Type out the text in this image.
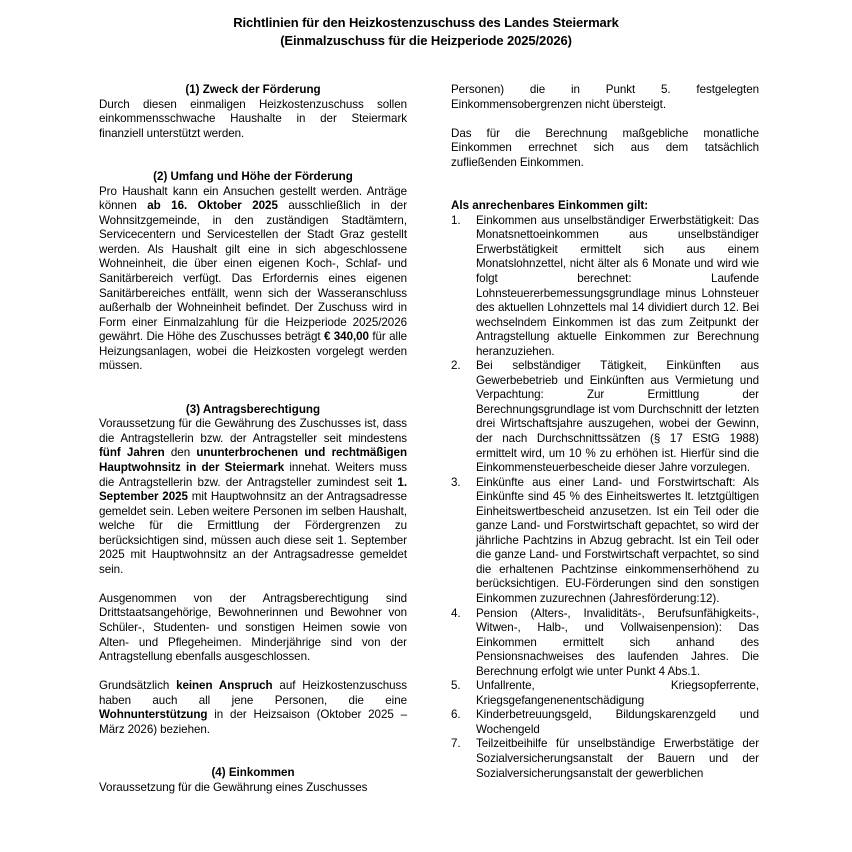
Richtlinien für den Heizkostenzuschuss des Landes Steiermark
(Einmalzuschuss für die Heizperiode 2025/2026)

(1) Zweck der Förderung

Durch diesen einmaligen Heizkostenzuschuss sollen einkommensschwache Haushalte in der Steiermark finanziell unterstützt werden.

(2) Umfang und Höhe der Förderung

Pro Haushalt kann ein Ansuchen gestellt werden. Anträge können ab 16. Oktober 2025 ausschließlich in der Wohnsitzgemeinde, in den zuständigen Stadtämtern, Servicecentern und Servicestellen der Stadt Graz gestellt werden. Als Haushalt gilt eine in sich abgeschlossene Wohneinheit, die über einen eigenen Koch-, Schlaf- und Sanitärbereich verfügt. Das Erfordernis eines eigenen Sanitärbereiches entfällt, wenn sich der Wasseranschluss außerhalb der Wohneinheit befindet. Der Zuschuss wird in Form einer Einmalzahlung für die Heizperiode 2025/2026 gewährt. Die Höhe des Zuschusses beträgt € 340,00 für alle Heizungsanlagen, wobei die Heizkosten vorgelegt werden müssen.

(3) Antragsberechtigung

Voraussetzung für die Gewährung des Zuschusses ist, dass die Antragstellerin bzw. der Antragsteller seit mindestens fünf Jahren den ununterbrochenen und rechtmäßigen Hauptwohnsitz in der Steiermark innehat. Weiters muss die Antragstellerin bzw. der Antragsteller zumindest seit 1. September 2025 mit Hauptwohnsitz an der Antragsadresse gemeldet sein. Leben weitere Personen im selben Haushalt, welche für die Ermittlung der Fördergrenzen zu berücksichtigen sind, müssen auch diese seit 1. September 2025 mit Hauptwohnsitz an der Antragsadresse gemeldet sein.

Ausgenommen von der Antragsberechtigung sind Drittstaatsangehörige, Bewohnerinnen und Bewohner von Schüler-, Studenten- und sonstigen Heimen sowie von Alten- und Pflegeheimen. Minderjährige sind von der Antragstellung ebenfalls ausgeschlossen.

Grundsätzlich keinen Anspruch auf Heizkostenzuschuss haben auch all jene Personen, die eine Wohnunterstützung in der Heizsaison (Oktober 2025 – März 2026) beziehen.

(4) Einkommen

Voraussetzung für die Gewährung eines Zuschusses

Personen) die in Punkt 5. festgelegten Einkommensobergrenzen nicht übersteigt.

Das für die Berechnung maßgebliche monatliche Einkommen errechnet sich aus dem tatsächlich zufließenden Einkommen.

Als anrechenbares Einkommen gilt:

1.	Einkommen aus unselbständiger Erwerbstätigkeit: Das Monatsnettoeinkommen aus unselbständiger Erwerbstätigkeit ermittelt sich aus einem Monatslohnzettel, nicht älter als 6 Monate und wird wie folgt berechnet: Laufende Lohnsteuererbemessungsgrundlage minus Lohnsteuer des aktuellen Lohnzettels mal 14 dividiert durch 12. Bei wechselndem Einkommen ist das zum Zeitpunkt der Antragstellung aktuelle Einkommen zur Berechnung heranzuziehen.
2.	Bei selbständiger Tätigkeit, Einkünften aus Gewerbebetrieb und Einkünften aus Vermietung und Verpachtung: Zur Ermittlung der Berechnungsgrundlage ist vom Durchschnitt der letzten drei Wirtschaftsjahre auszugehen, wobei der Gewinn, der nach Durchschnittssätzen (§ 17 EStG 1988) ermittelt wird, um 10 % zu erhöhen ist. Hierfür sind die Einkommensteuerbescheide dieser Jahre vorzulegen.
3.	Einkünfte aus einer Land- und Forstwirtschaft: Als Einkünfte sind 45 % des Einheitswertes lt. letztgültigen Einheitswertbescheid anzusetzen. Ist ein Teil oder die ganze Land- und Forstwirtschaft gepachtet, so wird der jährliche Pachtzins in Abzug gebracht. Ist ein Teil oder die ganze Land- und Forstwirtschaft verpachtet, so sind die erhaltenen Pachtzinse einkommenserhöhend zu berücksichtigen. EU-Förderungen sind den sonstigen Einkommen zuzurechnen (Jahresförderung:12).
4.	Pension (Alters-, Invaliditäts-, Berufsunfähigkeits-, Witwen-, Halb-, und Vollwaisenpension): Das Einkommen ermittelt sich anhand des Pensionsnachweises des laufenden Jahres. Die Berechnung erfolgt wie unter Punkt 4 Abs.1.
5.	Unfallrente, Kriegsopferrente, Kriegsgefangenenentschädigung
6.	Kinderbetreuungsgeld, Bildungskarenzgeld und Wochengeld
7.	Teilzeitbeihilfe für unselbständige Erwerbstätige der Sozialversicherungsanstalt der Bauern und der Sozialversicherungsanstalt der gewerblichen
